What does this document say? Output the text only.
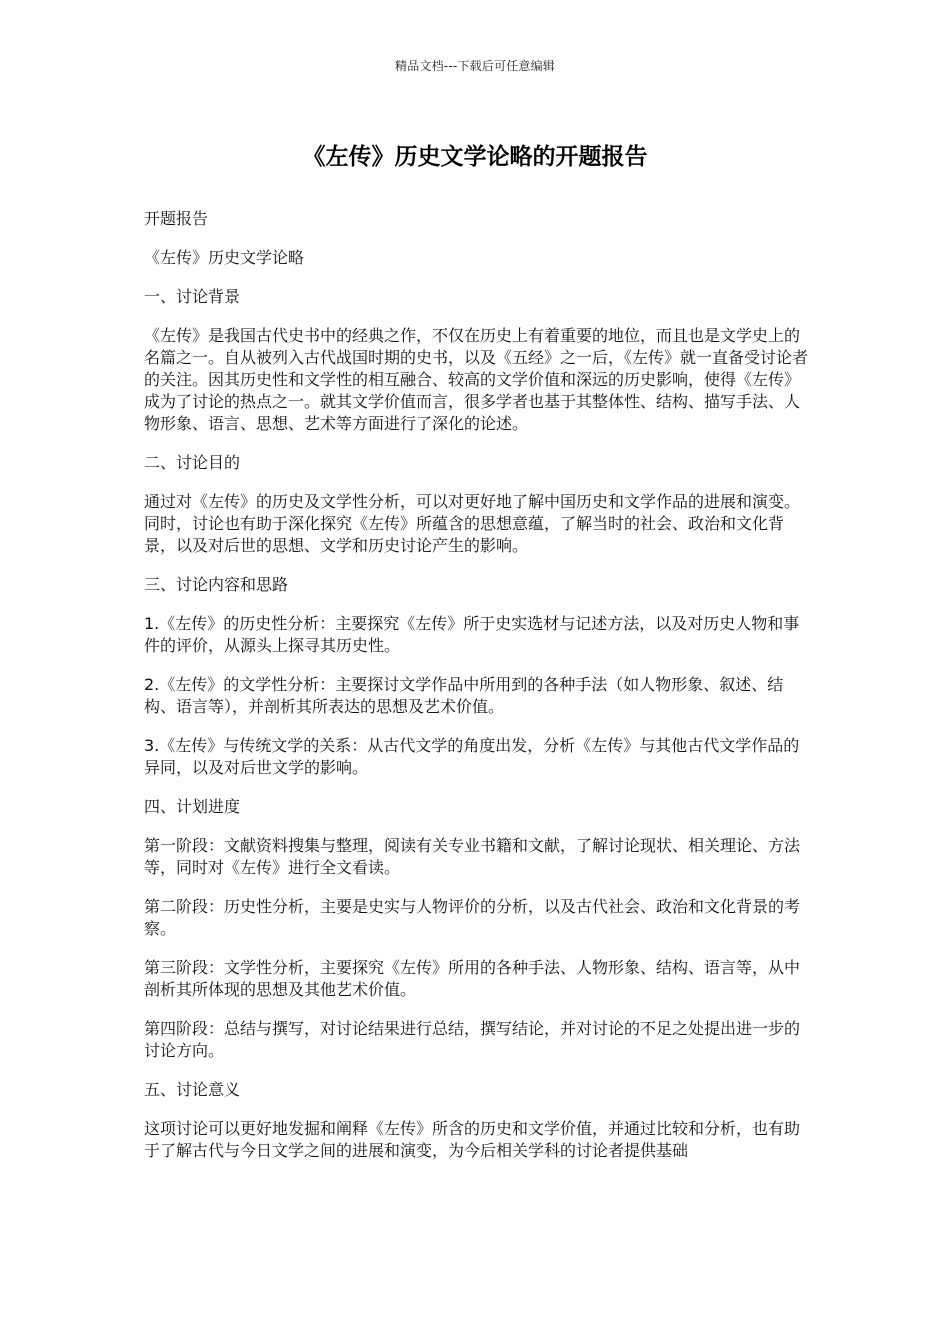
精品文档---下载后可任意编辑
《左传》历史文学论略的开题报告

开题报告

《左传》历史文学论略

一、讨论背景

《左传》是我国古代史书中的经典之作，不仅在历史上有着重要的地位，而且也是文学史上的名篇之一。自从被列入古代战国时期的史书，以及《五经》之一后，《左传》就一直备受讨论者的关注。因其历史性和文学性的相互融合、较高的文学价值和深远的历史影响，使得《左传》成为了讨论的热点之一。就其文学价值而言，很多学者也基于其整体性、结构、描写手法、人物形象、语言、思想、艺术等方面进行了深化的论述。

二、讨论目的

通过对《左传》的历史及文学性分析，可以对更好地了解中国历史和文学作品的进展和演变。同时，讨论也有助于深化探究《左传》所蕴含的思想意蕴，了解当时的社会、政治和文化背景，以及对后世的思想、文学和历史讨论产生的影响。

三、讨论内容和思路

1.《左传》的历史性分析：主要探究《左传》所于史实选材与记述方法，以及对历史人物和事件的评价，从源头上探寻其历史性。

2.《左传》的文学性分析：主要探讨文学作品中所用到的各种手法（如人物形象、叙述、结构、语言等），并剖析其所表达的思想及艺术价值。

3.《左传》与传统文学的关系：从古代文学的角度出发，分析《左传》与其他古代文学作品的异同，以及对后世文学的影响。

四、计划进度

第一阶段：文献资料搜集与整理，阅读有关专业书籍和文献，了解讨论现状、相关理论、方法等，同时对《左传》进行全文看读。

第二阶段：历史性分析，主要是史实与人物评价的分析，以及古代社会、政治和文化背景的考察。

第三阶段：文学性分析，主要探究《左传》所用的各种手法、人物形象、结构、语言等，从中剖析其所体现的思想及其他艺术价值。

第四阶段：总结与撰写，对讨论结果进行总结，撰写结论，并对讨论的不足之处提出进一步的讨论方向。

五、讨论意义

这项讨论可以更好地发掘和阐释《左传》所含的历史和文学价值，并通过比较和分析，也有助于了解古代与今日文学之间的进展和演变，为今后相关学科的讨论者提供基础
